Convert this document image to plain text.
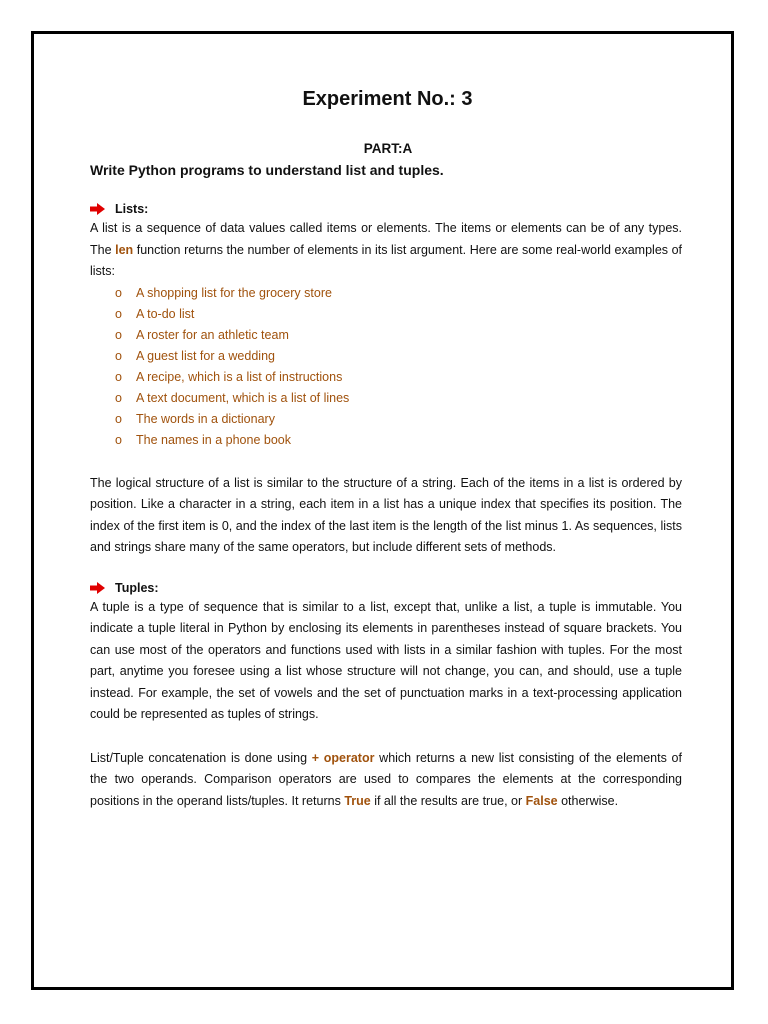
Experiment No.: 3
PART:A
Write Python programs to understand list and tuples.
Lists:

A list is a sequence of data values called items or elements. The items or elements can be of any types. The len function returns the number of elements in its list argument. Here are some real-world examples of lists:

o A shopping list for the grocery store
o A to-do list
o A roster for an athletic team
o A guest list for a wedding
o A recipe, which is a list of instructions
o A text document, which is a list of lines
o The words in a dictionary
o The names in a phone book

The logical structure of a list is similar to the structure of a string. Each of the items in a list is ordered by position. Like a character in a string, each item in a list has a unique index that specifies its position. The index of the first item is 0, and the index of the last item is the length of the list minus 1. As sequences, lists and strings share many of the same operators, but include different sets of methods.

Tuples:

A tuple is a type of sequence that is similar to a list, except that, unlike a list, a tuple is immutable. You indicate a tuple literal in Python by enclosing its elements in parentheses instead of square brackets. You can use most of the operators and functions used with lists in a similar fashion with tuples. For the most part, anytime you foresee using a list whose structure will not change, you can, and should, use a tuple instead. For example, the set of vowels and the set of punctuation marks in a text-processing application could be represented as tuples of strings.

List/Tuple concatenation is done using + operator which returns a new list consisting of the elements of the two operands. Comparison operators are used to compares the elements at the corresponding positions in the operand lists/tuples. It returns True if all the results are true, or False otherwise.
